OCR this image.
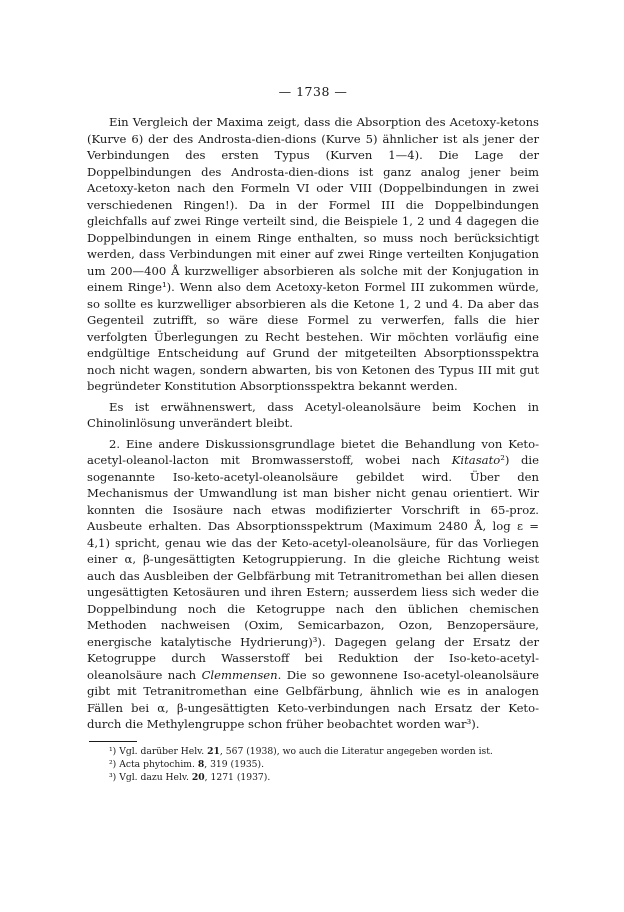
— 1738 —

Ein Vergleich der Maxima zeigt, dass die Absorption des Acetoxy-ketons (Kurve 6) der des Androsta-dien-dions (Kurve 5) ähnlicher ist als jener der Verbindungen des ersten Typus (Kurven 1—4). Die Lage der Doppelbindungen des Androsta-dien-dions ist ganz analog jener beim Acetoxy-keton nach den Formeln VI oder VIII (Doppelbindungen in zwei verschiedenen Ringen!). Da in der Formel III die Doppelbindungen gleichfalls auf zwei Ringe verteilt sind, die Beispiele 1, 2 und 4 dagegen die Doppelbindungen in einem Ringe enthalten, so muss noch berücksichtigt werden, dass Verbindungen mit einer auf zwei Ringe verteilten Konjugation um 200—400 Å kurzwelliger absorbieren als solche mit der Konjugation in einem Ringe¹). Wenn also dem Acetoxy-keton Formel III zukommen würde, so sollte es kurzwelliger absorbieren als die Ketone 1, 2 und 4. Da aber das Gegenteil zutrifft, so wäre diese Formel zu verwerfen, falls die hier verfolgten Überlegungen zu Recht bestehen. Wir möchten vorläufig eine endgültige Entscheidung auf Grund der mitgeteilten Absorptionsspektra noch nicht wagen, sondern abwarten, bis von Ketonen des Typus III mit gut begründeter Konstitution Absorptionsspektra bekannt werden.

Es ist erwähnenswert, dass Acetyl-oleanolsäure beim Kochen in Chinolinlösung unverändert bleibt.

2. Eine andere Diskussionsgrundlage bietet die Behandlung von Keto-acetyl-oleanol-lacton mit Bromwasserstoff, wobei nach Kitasato²) die sogenannte Iso-keto-acetyl-oleanolsäure gebildet wird. Über den Mechanismus der Umwandlung ist man bisher nicht genau orientiert. Wir konnten die Isosäure nach etwas modifizierter Vorschrift in 65-proz. Ausbeute erhalten. Das Absorptionsspektrum (Maximum 2480 Å, log ε = 4,1) spricht, genau wie das der Keto-acetyl-oleanolsäure, für das Vorliegen einer α, β-ungesättigten Ketogruppierung. In die gleiche Richtung weist auch das Ausbleiben der Gelbfärbung mit Tetranitromethan bei allen diesen ungesättigten Ketosäuren und ihren Estern; ausserdem liess sich weder die Doppelbindung noch die Ketogruppe nach den üblichen chemischen Methoden nachweisen (Oxim, Semicarbazon, Ozon, Benzopersäure, energische katalytische Hydrierung)³). Dagegen gelang der Ersatz der Ketogruppe durch Wasserstoff bei Reduktion der Iso-keto-acetyl-oleanolsäure nach Clemmensen. Die so gewonnene Iso-acetyl-oleanolsäure gibt mit Tetranitromethan eine Gelbfärbung, ähnlich wie es in analogen Fällen bei α, β-ungesättigten Keto-verbindungen nach Ersatz der Keto- durch die Methylengruppe schon früher beobachtet worden war³).

¹) Vgl. darüber Helv. 21, 567 (1938), wo auch die Literatur angegeben worden ist.

²) Acta phytochim. 8, 319 (1935).

³) Vgl. dazu Helv. 20, 1271 (1937).
